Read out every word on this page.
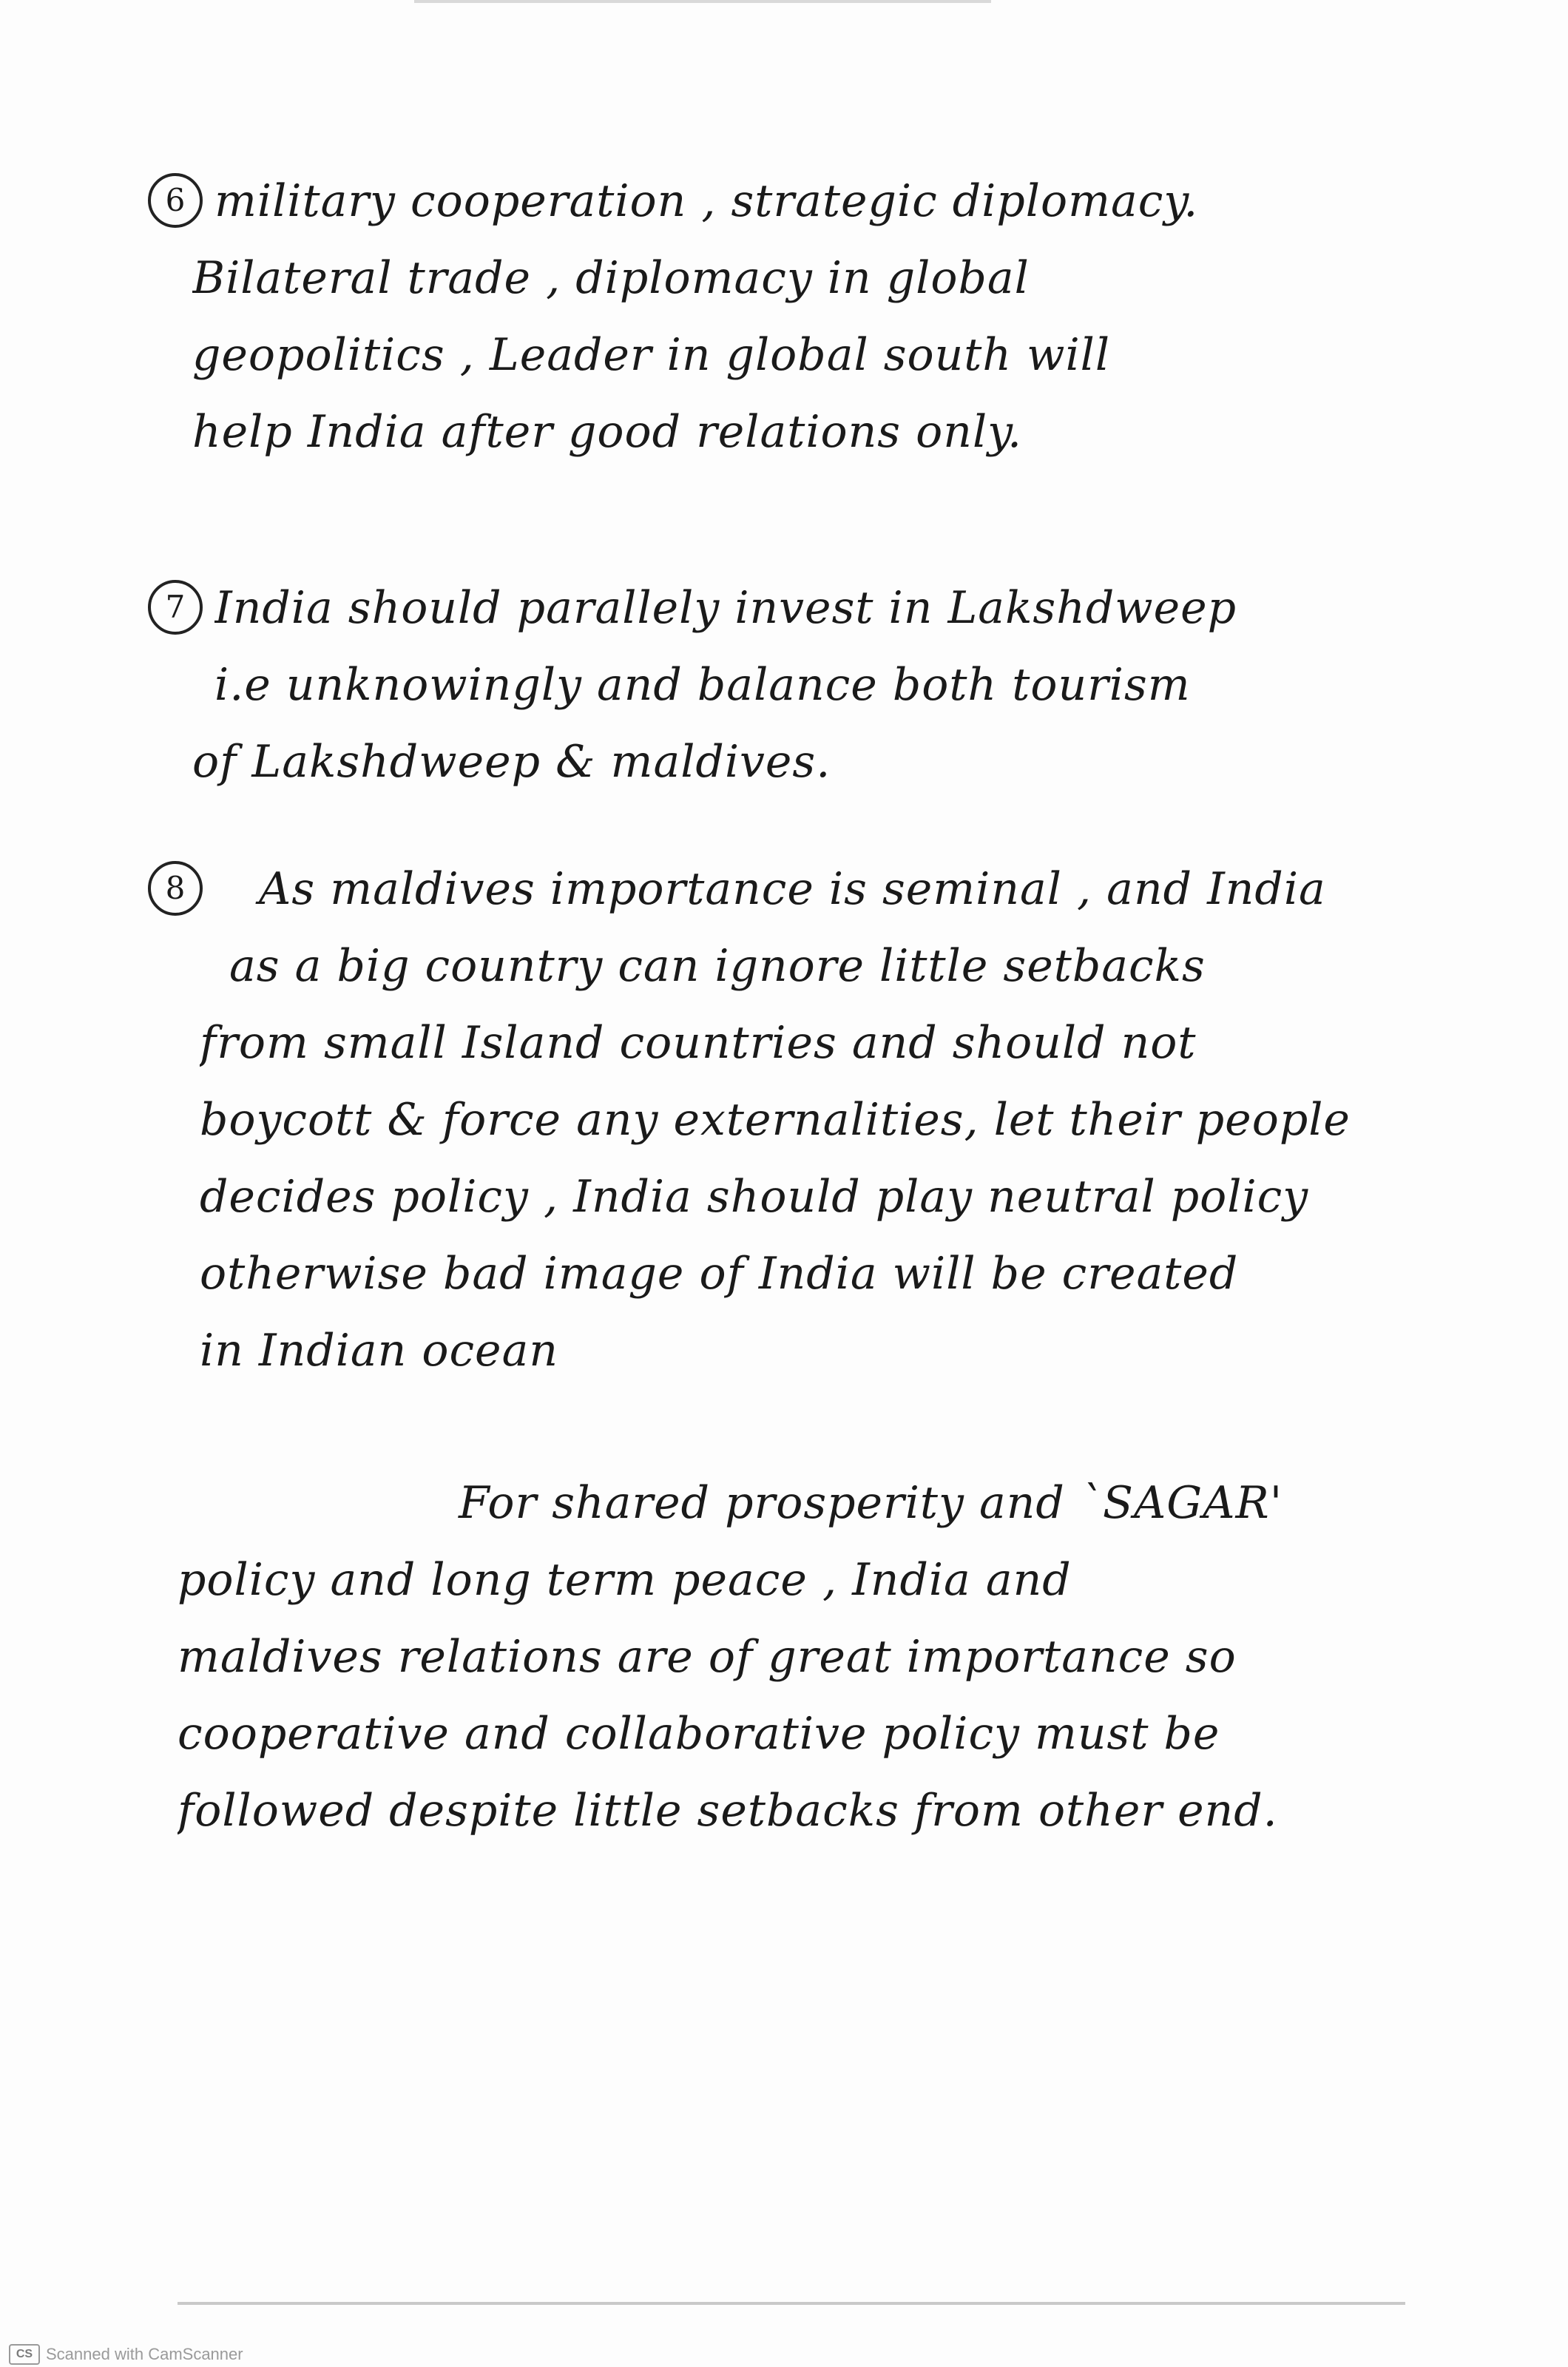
6 military cooperation , strategic diplomacy.
Bilateral trade , diplomacy in global
geopolitics , Leader in global south will
help India after good relations only.
7 India should parallely invest in Lakshdweep
i.e unknowingly and balance both tourism
of Lakshdweep & maldives.
8	As maldives importance is seminal , and India
as a big country can ignore little setbacks
from small Island countries and should not
boycott & force any externalities, let their people
decides policy , India should play neutral policy
otherwise bad image of India will be created
in Indian ocean
For shared prosperity and `SAGAR'
policy and long term peace , India and
maldives relations are of great importance so
cooperative and collaborative policy must be
followed despite little setbacks from other end.
CS Scanned with CamScanner
